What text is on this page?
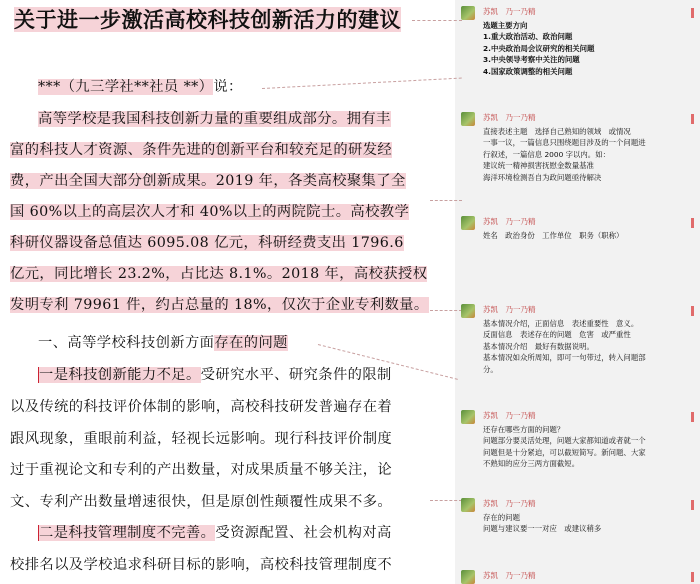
关于进一步激活高校科技创新活力的建议
***（九三学社**社员 **）说：
高等学校是我国科技创新力量的重要组成部分。拥有丰
富的科技人才资源、条件先进的创新平台和较充足的研发经
费，产出全国大部分创新成果。2019 年，各类高校聚集了全
国 60%以上的高层次人才和 40%以上的两院院士。高校教学
科研仪器设备总值达 6095.08 亿元，科研经费支出 1796.6
亿元，同比增长 23.2%，占比达 8.1%。2018 年，高校获授权
发明专利 79961 件，约占总量的 18%，仅次于企业专利数量。
一、高等学校科技创新方面存在的问题
一是科技创新能力不足。受研究水平、研究条件的限制
以及传统的科技评价体制的影响，高校科技研发普遍存在着
跟风现象，重眼前利益，轻视长远影响。现行科技评价制度
过于重视论文和专利的产出数量，对成果质量不够关注，论
文、专利产出数量增速很快，但是原创性颠覆性成果不多。
二是科技管理制度不完善。受资源配置、社会机构对高
校排名以及学校追求科研目标的影响，高校科技管理制度不
苏凯　乃一乃精
选题主要方向
1.重大政治活动、政治问题
2.中央政治局会议研究的相关问题
3.中央领导考察中关注的问题
4.国家政策调整的相关问题
苏凯　乃一乃精
直接表述主题　选择自己熟知的领域　或情况
一事一议，一篇信息只围绕题目涉及的一个问题进
行叙述，一篇信息 2000 字以内。如：
建议统一精神损害抚慰金数量基准
海洋环境检测吾自为政问题亟待解决
苏凯　乃一乃精
姓名　政治身份　工作单位　职务（职称）
苏凯　乃一乃精
基本情况介绍，正面信息　表述重要性　意义。
反面信息　表述存在的问题　危害　或严重性
基本情况介绍　最好有数据说明。
基本情况如众所周知，即可一句带过，转入问题部
分。
苏凯　乃一乃精
还存在哪些方面的问题？
问题部分要灵活处理，问题大家都知道或者就一个
问题但是十分紧迫，可以截短简写。新问题、大家
不熟知的应分三两方面截短。
苏凯　乃一乃精
存在的问题
问题与建议要一一对应　或建议稍多
苏凯　乃一乃精
